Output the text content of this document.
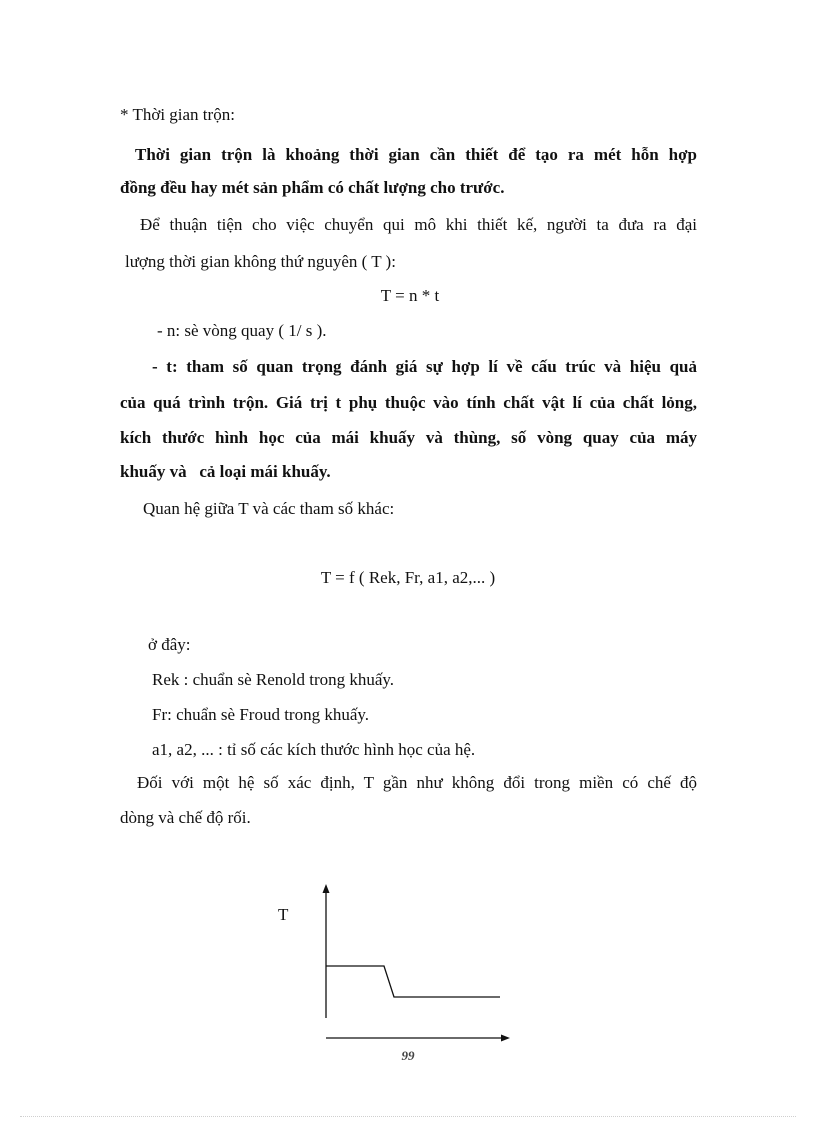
* Thời gian trộn:
Thời gian trộn là khoảng thời gian cần thiết để tạo ra mét hỗn hợp
đồng đều hay mét sản phẩm có chất lượng cho trước.
Để thuận tiện cho việc chuyển qui mô khi thiết kế, người ta đưa ra đại
lượng thời gian không thứ nguyên ( T ):
T = n * t
- n: sè vòng quay ( 1/ s ).
- t: tham số quan trọng đánh giá sự hợp lí về cấu trúc và hiệu quả
của quá trình trộn. Giá trị t phụ thuộc vào tính chất vật lí của chất lỏng,
kích thước hình học của mái khuấy và thùng, số vòng quay của máy
khuấy và   cả loại mái khuấy.
Quan hệ giữa T và các tham số khác:
T = f ( Rek, Fr, a1, a2,... )
ở đây:
Rek : chuẩn sè Renold trong khuấy.
Fr: chuẩn sè Froud trong khuấy.
a1, a2, ... : tỉ số các kích thước hình học của hệ.
Đối với một hệ số xác định, T gần như không đổi trong miền có chế độ
dòng và chế độ rối.
T
99
